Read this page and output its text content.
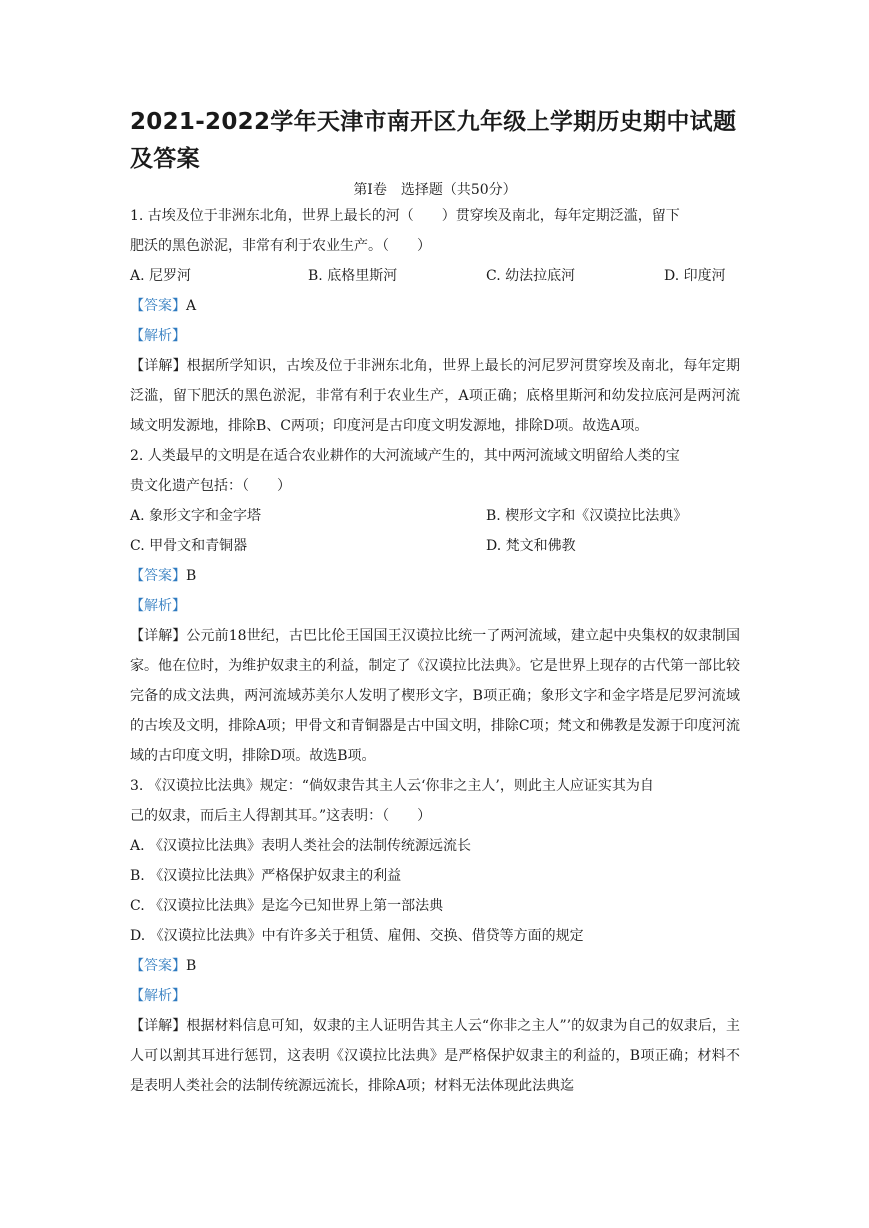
2021-2022学年天津市南开区九年级上学期历史期中试题及答案
第Ⅰ卷　选择题（共50分）
1. 古埃及位于非洲东北角，世界上最长的河（　　）贯穿埃及南北，每年定期泛滥，留下
肥沃的黑色淤泥，非常有利于农业生产。（　　）
A. 尼罗河	B. 底格里斯河	C. 幼法拉底河	D. 印度河
【答案】A
【解析】
【详解】根据所学知识，古埃及位于非洲东北角，世界上最长的河尼罗河贯穿埃及南北，每年定期泛滥，留下肥沃的黑色淤泥，非常有利于农业生产，A项正确；底格里斯河和幼发拉底河是两河流域文明发源地，排除B、C两项；印度河是古印度文明发源地，排除D项。故选A项。
2. 人类最早的文明是在适合农业耕作的大河流域产生的，其中两河流域文明留给人类的宝
贵文化遗产包括：（　　）
A. 象形文字和金字塔	B. 楔形文字和《汉谟拉比法典》
C. 甲骨文和青铜器	D. 梵文和佛教
【答案】B
【解析】
【详解】公元前18世纪，古巴比伦王国国王汉谟拉比统一了两河流域，建立起中央集权的奴隶制国家。他在位时，为维护奴隶主的利益，制定了《汉谟拉比法典》。它是世界上现存的古代第一部比较完备的成文法典，两河流域苏美尔人发明了楔形文字，B项正确；象形文字和金字塔是尼罗河流域的古埃及文明，排除A项；甲骨文和青铜器是古中国文明，排除C项；梵文和佛教是发源于印度河流域的古印度文明，排除D项。故选B项。
3. 《汉谟拉比法典》规定：“倘奴隶告其主人云‘你非之主人’，则此主人应证实其为自
己的奴隶，而后主人得割其耳。”这表明：（　　）
A. 《汉谟拉比法典》表明人类社会的法制传统源远流长
B. 《汉谟拉比法典》严格保护奴隶主的利益
C. 《汉谟拉比法典》是迄今已知世界上第一部法典
D. 《汉谟拉比法典》中有许多关于租赁、雇佣、交换、借贷等方面的规定
【答案】B
【解析】
【详解】根据材料信息可知，奴隶的主人证明告其主人云“你非之主人”’的奴隶为自己的奴隶后，主人可以割其耳进行惩罚，这表明《汉谟拉比法典》是严格保护奴隶主的利益的，B项正确；材料不是表明人类社会的法制传统源远流长，排除A项；材料无法体现此法典迄
